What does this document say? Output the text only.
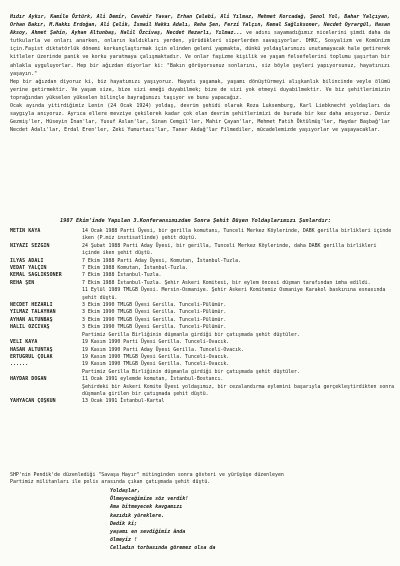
Hıdır Aykır, Kamile Öztürk, Ali Demir, Cevahir Yavar, Erhan Çelebi, Ali Yılmaz, Mehmet Korcadağ, Şenol Yol, Bahar Yalçıyan, Orhan Bakır, M.Hakkı Erdoğan, Ali Çelik, İsmail Hakkı Adalı, Reha Şen, Ferzi Yalçın, Kemal Sağlıksoner, Necdet Oyrargül, Hasan Aksoy, Ahmet Şahin, Ayhan Altunbaş, Halil Özcivaş, Necdet Hezarlı, Yılmaz... ve adını sayamadığımız nicelerini şimdi daha da tutkularla ve onları anarken, onların kaldıkları yerden, yürüdükleri siperlerden savaşıyorlar. DHKC, Sosyalizm ve Komünizm için.Faşist diktatörlük dönemi korkunçlaştırmak için elinden geleni yapmakta, dünkü yoldaşlarımızı unutamayacak hale getirerek kitleler üzerinde panik ve korku yaratmaya çalışmaktadır. Ve onlar faşizme kişilik ve yaşam felsefelerini toplumu şaşırtan bir ahlakla uyguluyorlar. Hep bir ağızdan diyorlar ki: "Bakın görüyorsunuz sonlarını, siz böyle şeyleri yapıyorsunuz, hayatınızı yaşayın."

Hep bir ağızdan diyoruz ki, biz hayatımızı yaşıyoruz. Hayatı yaşamak, yaşamı dönüştürmeyi alışkanlık bilincinde veyle ölümü yerine getirmektir. Ve yaşam size, bize sizi emeği duyabilmek; bize de sizi yok etmeyi duyabilmektir. Ve biz şehitlerimizin toprağından yükselen yükselen bilinçle bayrağımızı taşıyor ve bunu yapacağız.

Ocak ayında yitirdiğimiz Lenin (24 Ocak 1924) yoldaş, devrim şehidi olarak Roza Luksemburg, Karl Liebknecht yoldaşları da saygıyla anıyoruz. Ayrıca ellere mevziye çekilerek kadar çok olan devrim şehitlerimizi de burada bir kez daha anıyoruz. Deniz Gezmiş'ler, Hüseyin İnan'lar, Yusuf Aslan'lar, Sinan Cemgil'ler, Mahir Çayan'lar, Mehmet Fatih Öktülmüş'ler, Haydar Başbağ'lar Necdet Adalı'lar, Erdal Eren'ler, Zeki Yumurtacı'lar, Taner Akdağ'lar Filmediler, mücadelemizde yaşıyorlar ve yaşayacaklar.

1987 Ekim'inde Yapılan 3.Konferansımızdan Sonra Şehit Düşen Yoldaşlarımızı Şunlardır:
METİN KAYA	14 Ocak 1988 Parti Üyesi, bir gerilla komutanı, Tunceli Merkez Köylerinde, DABK gerilla birlikleri içinde iken (P.miz instisatlinde) şehit düştü.
NİYAZİ SEZGİN	24 Şubat 1988 Parti Aday Üyesi, bir gerilla, Tunceli Merkez Köylerinde, daha DABK gerilla birlikleri içinde iken şehit düştü.
İLYAS ADALI	7 Ekim 1988 Parti Aday Üyesi, Komutan, İstanbul-Tuzla.
VEDAT YALÇIN	7 Ekim 1988 Komutan, İstanbul-Tuzla.
KEMAL SAĞLIKSONER	7 Ekim 1988 İstanbul-Tuzla.
REHA ŞEN	7 Ekim 1988 İstanbul-Tuzla. Şehir Askeri Komitesi, bir eylem öncesi düşman tarafından imha edildi.
11 Eylül 1989 TMLGB Üyesi. Mersin-Osmaniye. Şehir Askeri Komitemiz Osmaniye Karakol baskınına esnasında şehit düştü.
NECDET HEZARLI	3 Ekim 1990 TMLGB Üyesi Gerilla. Tunceli-Pülümür.
YILMAZ TALAYHAN	3 Ekim 1990 TMLGB Üyesi Gerilla. Tunceli-Pülümür.
AYHAN ALTUNBAŞ	3 Ekim 1990 TMLGB Üyesi Gerilla. Tunceli-Pülümür.
HALİL ÖZCİVAŞ	3 Ekim 1990 TMLGB Üyesi Gerilla. Tunceli-Pülümür.
Partimiz Gerilla Birliğinin düşmanla girdiği bir çatışmada şehit düştüler.
VELİ KAYA	19 Kasım 1990 Parti Üyesi Gerilla. Tunceli-Ovacık.
HASAN ALTUNTAŞ	19 Kasım 1990 Parti Aday Üyesi Gerilla. Tunceli-Ovacık.
ERTUĞRUL ÇOLAK	19 Kasım 1990 TMLGB Üyesi Gerilla. Tunceli-Ovacık.
......	19 Kasım 1990 TMLGB Üyesi Gerilla. Tunceli-Ovacık.
Partimiz Gerilla Birliğinin düşmanla girdiği bir çatışmada şehit düştüler.
HAYDAR DOĞAN	11 Ocak 1991 eylemde komutan, İstanbul-Bostancı.
Şehirdeki bir Askeri Komite Üyesi yoldaşımız, bir cezalandırma eylemini başarıyla gerçekleştirdikten sonra düşmanla girilen bir çatışmada şehit düştü.
YAHYACAN ÇOŞKUN	13 Ocak 1991 İstanbul-Kartal

SHP'nin Pendik'de düzenlediği "Savaşa Hayır" mitinginden sonra gösteri ve yürüyüşe düzenleyen

Partimiz militanları ile polis arasında çıkan çatışmada şehit düştü.

Yoldaşlar,
Ölmeyeceğimize söz verdik!
Ama bitmeyecek kavgamızı
kazıdık yüreklere.
Dedik ki;
yaşamı en sevdiğimiz ânda
ölmeyiz !
Celladın torbasında göremez olsa da
